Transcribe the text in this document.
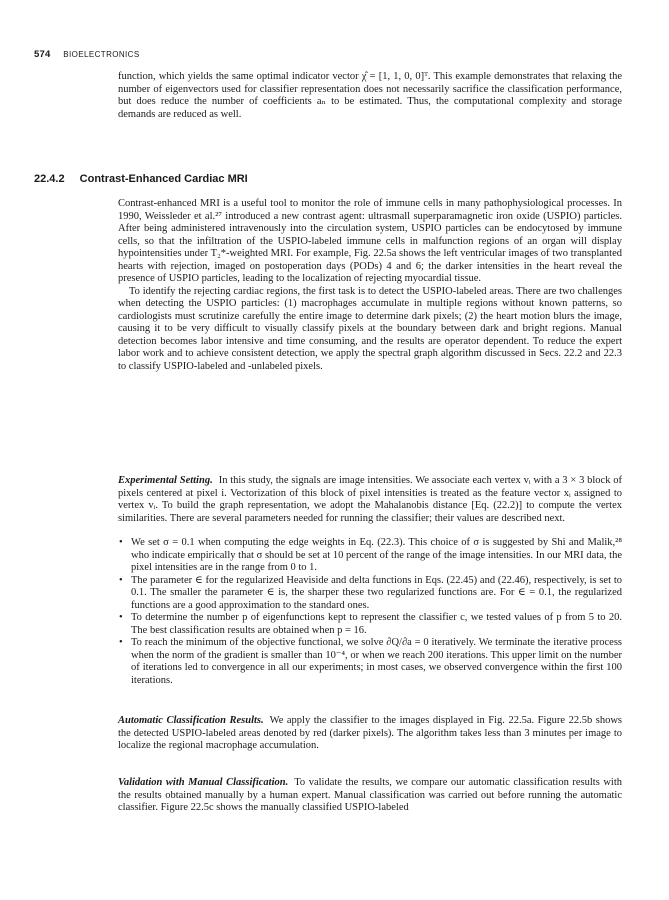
574 BIOELECTRONICS

function, which yields the same optimal indicator vector χ̂ = [1, 1, 0, 0]ᵀ. This example demonstrates that relaxing the number of eigenvectors used for classifier representation does not necessarily sacrifice the classification performance, but does reduce the number of coefficients aₙ to be estimated. Thus, the computational complexity and storage demands are reduced as well.

22.4.2 Contrast-Enhanced Cardiac MRI

Contrast-enhanced MRI is a useful tool to monitor the role of immune cells in many pathophysiological processes. In 1990, Weissleder et al.²⁷ introduced a new contrast agent: ultrasmall superparamagnetic iron oxide (USPIO) particles. After being administered intravenously into the circulation system, USPIO particles can be endocytosed by immune cells, so that the infiltration of the USPIO-labeled immune cells in malfunction regions of an organ will display hypointensities under T₂*-weighted MRI. For example, Fig. 22.5a shows the left ventricular images of two transplanted hearts with rejection, imaged on postoperation days (PODs) 4 and 6; the darker intensities in the heart reveal the presence of USPIO particles, leading to the localization of rejecting myocardial tissue.

To identify the rejecting cardiac regions, the first task is to detect the USPIO-labeled areas. There are two challenges when detecting the USPIO particles: (1) macrophages accumulate in multiple regions without known patterns, so cardiologists must scrutinize carefully the entire image to determine dark pixels; (2) the heart motion blurs the image, causing it to be very difficult to visually classify pixels at the boundary between dark and bright regions. Manual detection becomes labor intensive and time consuming, and the results are operator dependent. To reduce the expert labor work and to achieve consistent detection, we apply the spectral graph algorithm discussed in Secs. 22.2 and 22.3 to classify USPIO-labeled and -unlabeled pixels.

Experimental Setting. In this study, the signals are image intensities. We associate each vertex vᵢ with a 3 × 3 block of pixels centered at pixel i. Vectorization of this block of pixel intensities is treated as the feature vector xᵢ assigned to vertex vᵢ. To build the graph representation, we adopt the Mahalanobis distance [Eq. (22.2)] to compute the vertex similarities. There are several parameters needed for running the classifier; their values are described next.

• We set σ = 0.1 when computing the edge weights in Eq. (22.3). This choice of σ is suggested by Shi and Malik,²⁸ who indicate empirically that σ should be set at 10 percent of the range of the image intensities. In our MRI data, the pixel intensities are in the range from 0 to 1.
• The parameter ∈ for the regularized Heaviside and delta functions in Eqs. (22.45) and (22.46), respectively, is set to 0.1. The smaller the parameter ∈ is, the sharper these two regularized functions are. For ∈ = 0.1, the regularized functions are a good approximation to the standard ones.
• To determine the number p of eigenfunctions kept to represent the classifier c, we tested values of p from 5 to 20. The best classification results are obtained when p = 16.
• To reach the minimum of the objective functional, we solve ∂Q/∂a = 0 iteratively. We terminate the iterative process when the norm of the gradient is smaller than 10⁻⁴, or when we reach 200 iterations. This upper limit on the number of iterations led to convergence in all our experiments; in most cases, we observed convergence within the first 100 iterations.

Automatic Classification Results. We apply the classifier to the images displayed in Fig. 22.5a. Figure 22.5b shows the detected USPIO-labeled areas denoted by red (darker pixels). The algorithm takes less than 3 minutes per image to localize the regional macrophage accumulation.

Validation with Manual Classification. To validate the results, we compare our automatic classification results with the results obtained manually by a human expert. Manual classification was carried out before running the automatic classifier. Figure 22.5c shows the manually classified USPIO-labeled
